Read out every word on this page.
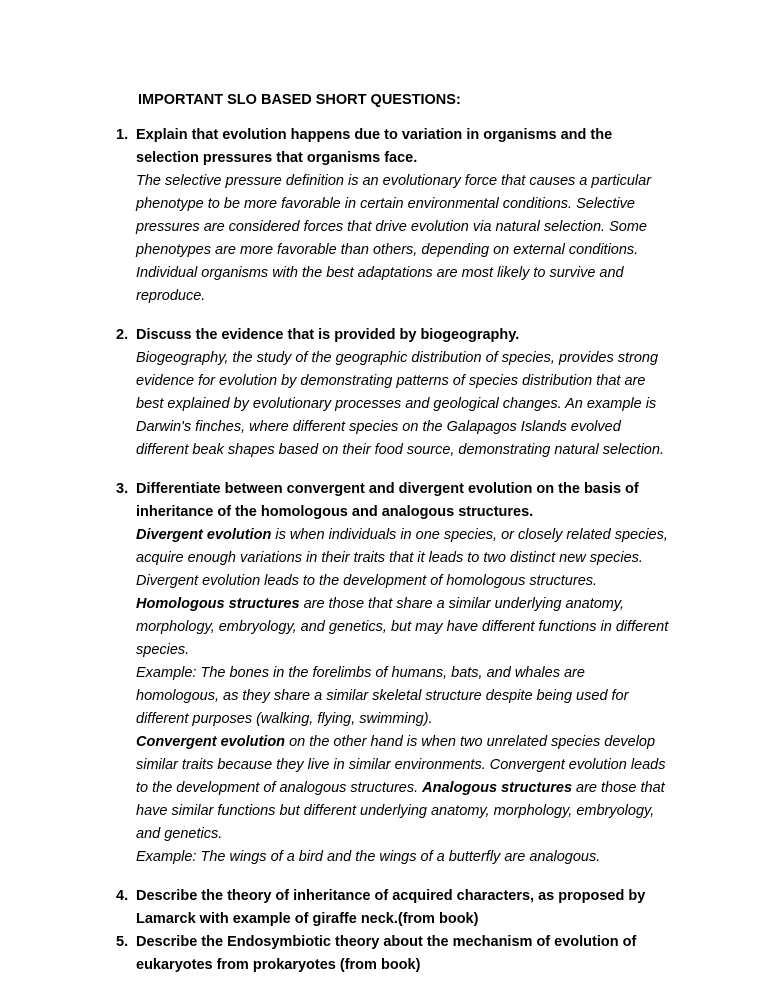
IMPORTANT SLO BASED SHORT QUESTIONS:
1. Explain that evolution happens due to variation in organisms and the selection pressures that organisms face.
The selective pressure definition is an evolutionary force that causes a particular phenotype to be more favorable in certain environmental conditions. Selective pressures are considered forces that drive evolution via natural selection. Some phenotypes are more favorable than others, depending on external conditions. Individual organisms with the best adaptations are most likely to survive and reproduce.
2. Discuss the evidence that is provided by biogeography.
Biogeography, the study of the geographic distribution of species, provides strong evidence for evolution by demonstrating patterns of species distribution that are best explained by evolutionary processes and geological changes. An example is Darwin's finches, where different species on the Galapagos Islands evolved different beak shapes based on their food source, demonstrating natural selection.
3. Differentiate between convergent and divergent evolution on the basis of inheritance of the homologous and analogous structures.
Divergent evolution is when individuals in one species, or closely related species, acquire enough variations in their traits that it leads to two distinct new species. Divergent evolution leads to the development of homologous structures. Homologous structures are those that share a similar underlying anatomy, morphology, embryology, and genetics, but may have different functions in different species.
Example: The bones in the forelimbs of humans, bats, and whales are homologous, as they share a similar skeletal structure despite being used for different purposes (walking, flying, swimming).
Convergent evolution on the other hand is when two unrelated species develop similar traits because they live in similar environments. Convergent evolution leads to the development of analogous structures. Analogous structures are those that have similar functions but different underlying anatomy, morphology, embryology, and genetics.
Example: The wings of a bird and the wings of a butterfly are analogous.
4. Describe the theory of inheritance of acquired characters, as proposed by Lamarck with example of giraffe neck.(from book)
5. Describe the Endosymbiotic theory about the mechanism of evolution of eukaryotes from prokaryotes (from book)
